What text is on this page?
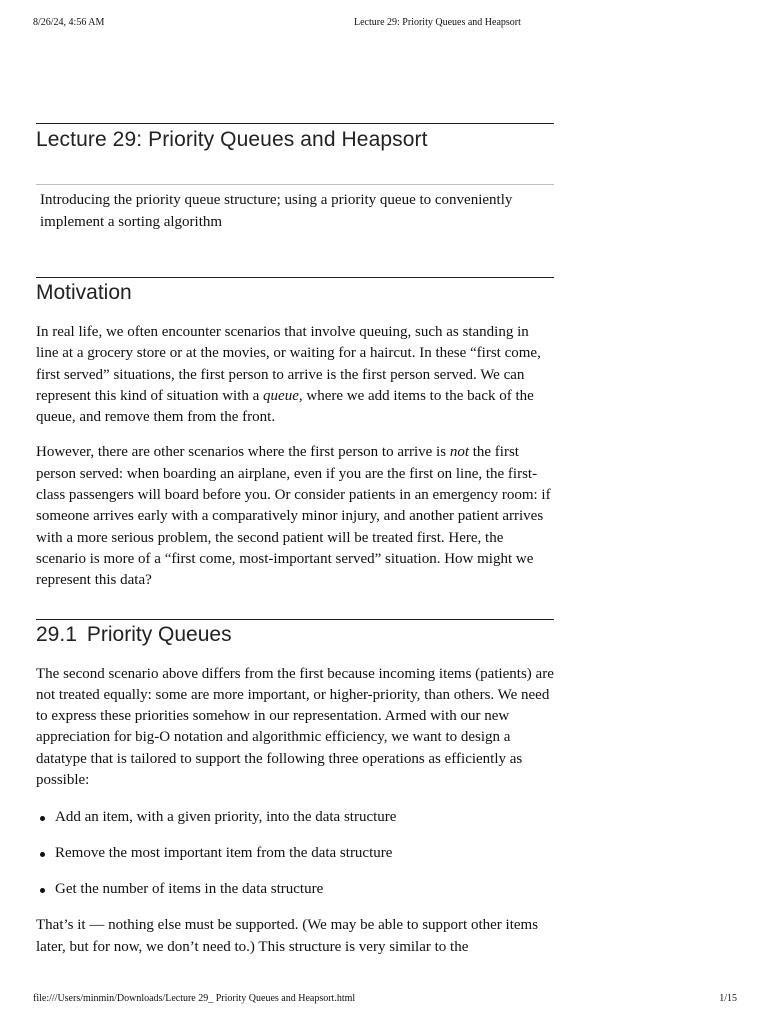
8/26/24, 4:56 AM	Lecture 29: Priority Queues and Heapsort
Lecture 29: Priority Queues and Heapsort
Introducing the priority queue structure; using a priority queue to conveniently implement a sorting algorithm
Motivation

In real life, we often encounter scenarios that involve queuing, such as standing in line at a grocery store or at the movies, or waiting for a haircut. In these “first come, first served” situations, the first person to arrive is the first person served. We can represent this kind of situation with a queue, where we add items to the back of the queue, and remove them from the front.

However, there are other scenarios where the first person to arrive is not the first person served: when boarding an airplane, even if you are the first on line, the first-class passengers will board before you. Or consider patients in an emergency room: if someone arrives early with a comparatively minor injury, and another patient arrives with a more serious problem, the second patient will be treated first. Here, the scenario is more of a “first come, most-important served” situation. How might we represent this data?

29.1 Priority Queues

The second scenario above differs from the first because incoming items (patients) are not treated equally: some are more important, or higher-priority, than others. We need to express these priorities somehow in our representation. Armed with our new appreciation for big-O notation and algorithmic efficiency, we want to design a datatype that is tailored to support the following three operations as efficiently as possible:

Add an item, with a given priority, into the data structure
Remove the most important item from the data structure
Get the number of items in the data structure

That’s it — nothing else must be supported. (We may be able to support other items later, but for now, we don’t need to.) This structure is very similar to the

file:///Users/minmin/Downloads/Lecture 29_ Priority Queues and Heapsort.html	1/15
